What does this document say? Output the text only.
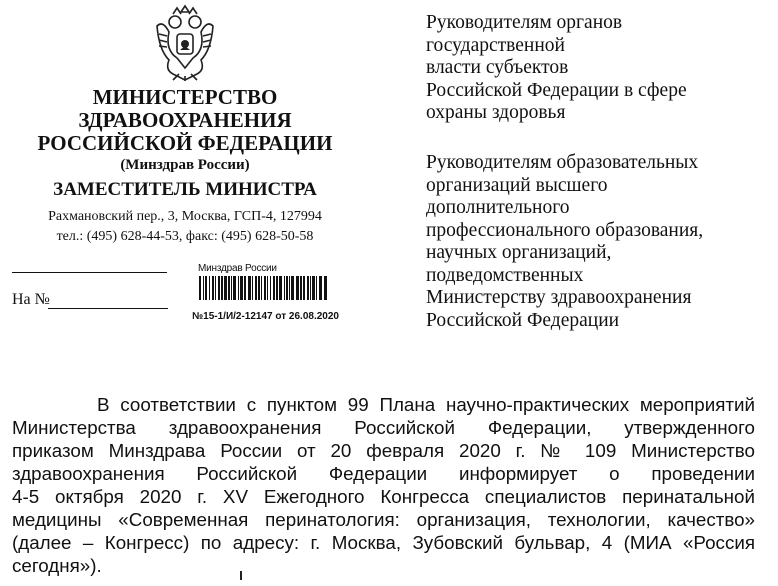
МИНИСТЕРСТВО
ЗДРАВООХРАНЕНИЯ
РОССИЙСКОЙ ФЕДЕРАЦИИ
(Минздрав России)
ЗАМЕСТИТЕЛЬ МИНИСТРА
Рахмановский пер., 3, Москва, ГСП-4, 127994
тел.: (495) 628-44-53, факс: (495) 628-50-58
На №
Минздрав России
№15-1/И/2-12147 от 26.08.2020
Руководителям органов
государственной
власти субъектов
Российской Федерации в сфере
охраны здоровья
Руководителям образовательных
организаций высшего
дополнительного
профессионального образования,
научных организаций,
подведомственных
Министерству здравоохранения
Российской Федерации
В соответствии с пунктом 99 Плана научно-практических мероприятий
Министерства здравоохранения Российской Федерации, утвержденного
приказом Минздрава России от 20 февраля 2020 г. № 109 Министерство
здравоохранения Российской Федерации информирует о проведении
4-5 октября 2020 г. XV Ежегодного Конгресса специалистов перинатальной
медицины «Современная перинатология: организация, технологии, качество»
(далее – Конгресс) по адресу: г. Москва, Зубовский бульвар, 4 (МИА «Россия
сегодня»).
